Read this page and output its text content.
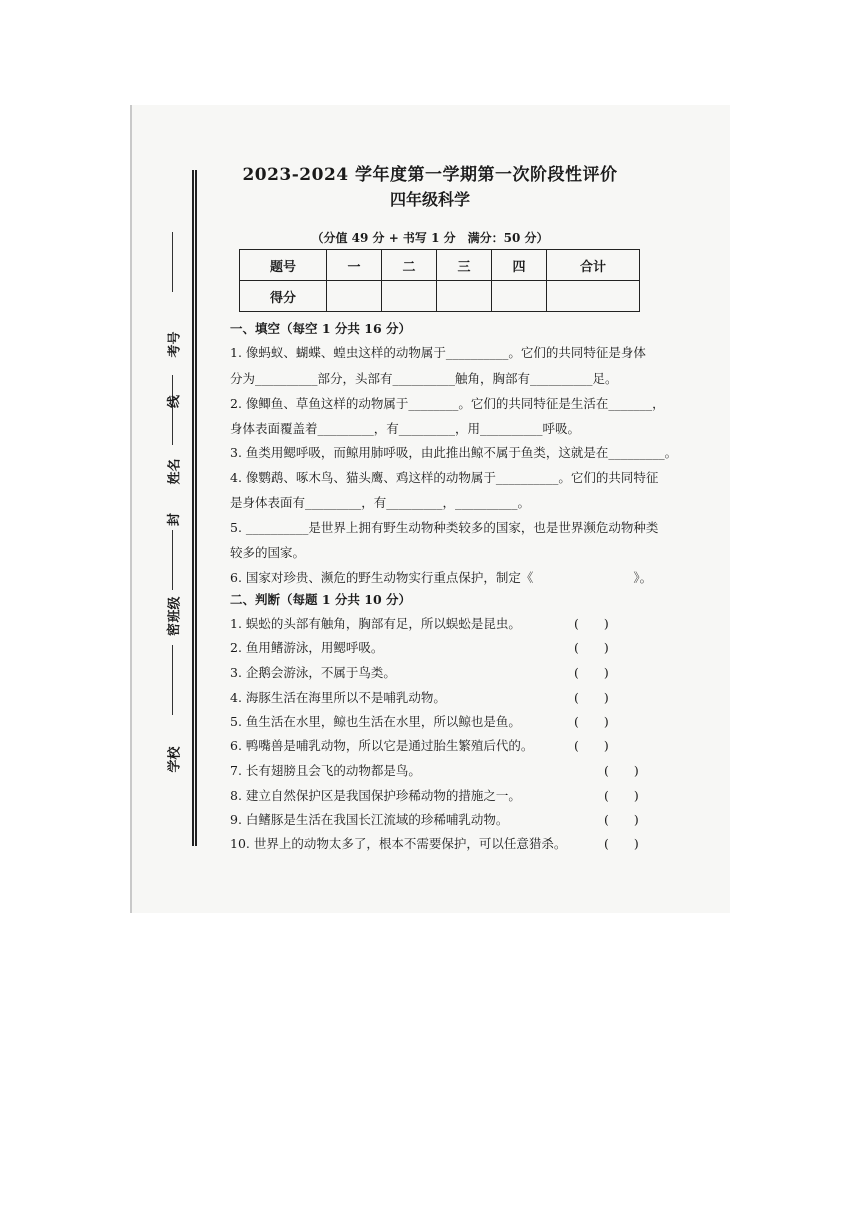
考号
线
姓名
封
班级
密
学校
2023-2024 学年度第一学期第一次阶段性评价
四年级科学
（分值 49 分 + 书写 1 分　满分：50 分）
题号	一	二	三	四	合计
得分					
一、填空（每空 1 分共 16 分）
1. 像蚂蚁、蝴蝶、蝗虫这样的动物属于__________。它们的共同特征是身体
分为__________部分，头部有__________触角，胸部有__________足。
2. 像鲫鱼、草鱼这样的动物属于________。它们的共同特征是生活在_______，
身体表面覆盖着_________，有_________，用__________呼吸。
3. 鱼类用鳃呼吸，而鲸用肺呼吸，由此推出鲸不属于鱼类，这就是在_________。
4. 像鹦鹉、啄木鸟、猫头鹰、鸡这样的动物属于__________。它们的共同特征
是身体表面有_________，有_________，__________。
5. __________是世界上拥有野生动物种类较多的国家，也是世界濒危动物种类
较多的国家。
6. 国家对珍贵、濒危的野生动物实行重点保护，制定《　　　　　　　　》。
二、判断（每题 1 分共 10 分）
1. 蜈蚣的头部有触角，胸部有足，所以蜈蚣是昆虫。	(　　)
2. 鱼用鳍游泳，用鳃呼吸。	(　　)
3. 企鹅会游泳，不属于鸟类。	(　　)
4. 海豚生活在海里所以不是哺乳动物。	(　　)
5. 鱼生活在水里，鲸也生活在水里，所以鲸也是鱼。	(　　)
6. 鸭嘴兽是哺乳动物，所以它是通过胎生繁殖后代的。	(　　)
7. 长有翅膀且会飞的动物都是鸟。	(　　)
8. 建立自然保护区是我国保护珍稀动物的措施之一。	(　　)
9. 白鳍豚是生活在我国长江流域的珍稀哺乳动物。	(　　)
10. 世界上的动物太多了，根本不需要保护，可以任意猎杀。	(　　)
